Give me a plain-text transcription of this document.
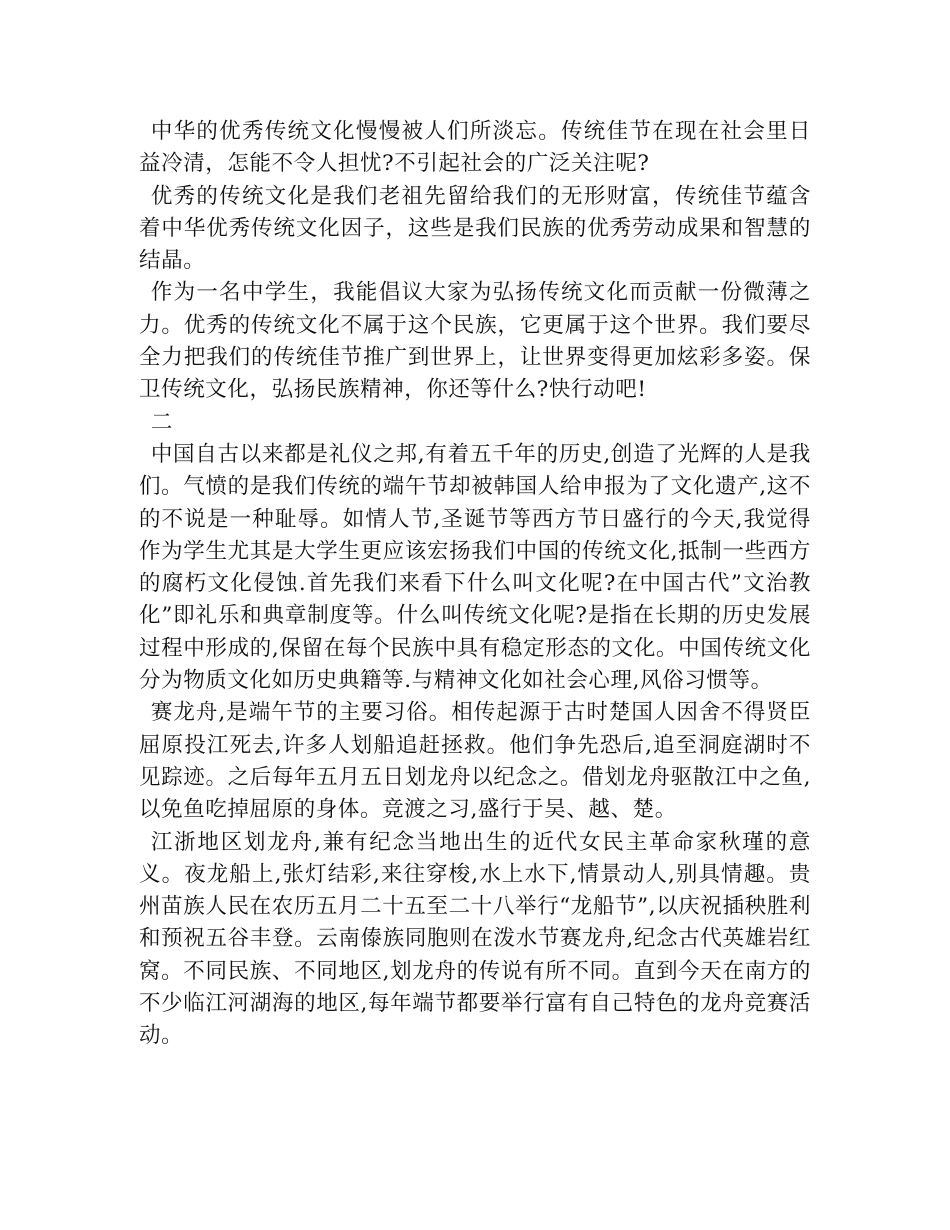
中华的优秀传统文化慢慢被人们所淡忘。传统佳节在现在社会里日益冷清，怎能不令人担忧?不引起社会的广泛关注呢?

优秀的传统文化是我们老祖先留给我们的无形财富，传统佳节蕴含着中华优秀传统文化因子，这些是我们民族的优秀劳动成果和智慧的结晶。

作为一名中学生，我能倡议大家为弘扬传统文化而贡献一份微薄之力。优秀的传统文化不属于这个民族，它更属于这个世界。我们要尽全力把我们的传统佳节推广到世界上，让世界变得更加炫彩多姿。保卫传统文化，弘扬民族精神，你还等什么?快行动吧!

二

中国自古以来都是礼仪之邦,有着五千年的历史,创造了光辉的人是我们。气愤的是我们传统的端午节却被韩国人给申报为了文化遗产,这不的不说是一种耻辱。如情人节,圣诞节等西方节日盛行的今天,我觉得作为学生尤其是大学生更应该宏扬我们中国的传统文化,抵制一些西方的腐朽文化侵蚀.首先我们来看下什么叫文化呢?在中国古代”文治教化”即礼乐和典章制度等。什么叫传统文化呢?是指在长期的历史发展过程中形成的,保留在每个民族中具有稳定形态的文化。中国传统文化分为物质文化如历史典籍等.与精神文化如社会心理,风俗习惯等。

赛龙舟,是端午节的主要习俗。相传起源于古时楚国人因舍不得贤臣屈原投江死去,许多人划船追赶拯救。他们争先恐后,追至洞庭湖时不见踪迹。之后每年五月五日划龙舟以纪念之。借划龙舟驱散江中之鱼,以免鱼吃掉屈原的身体。竞渡之习,盛行于吴、越、楚。

江浙地区划龙舟,兼有纪念当地出生的近代女民主革命家秋瑾的意义。夜龙船上,张灯结彩,来往穿梭,水上水下,情景动人,别具情趣。贵州苗族人民在农历五月二十五至二十八举行“龙船节”,以庆祝插秧胜利和预祝五谷丰登。云南傣族同胞则在泼水节赛龙舟,纪念古代英雄岩红窝。不同民族、不同地区,划龙舟的传说有所不同。直到今天在南方的不少临江河湖海的地区,每年端节都要举行富有自己特色的龙舟竞赛活动。
